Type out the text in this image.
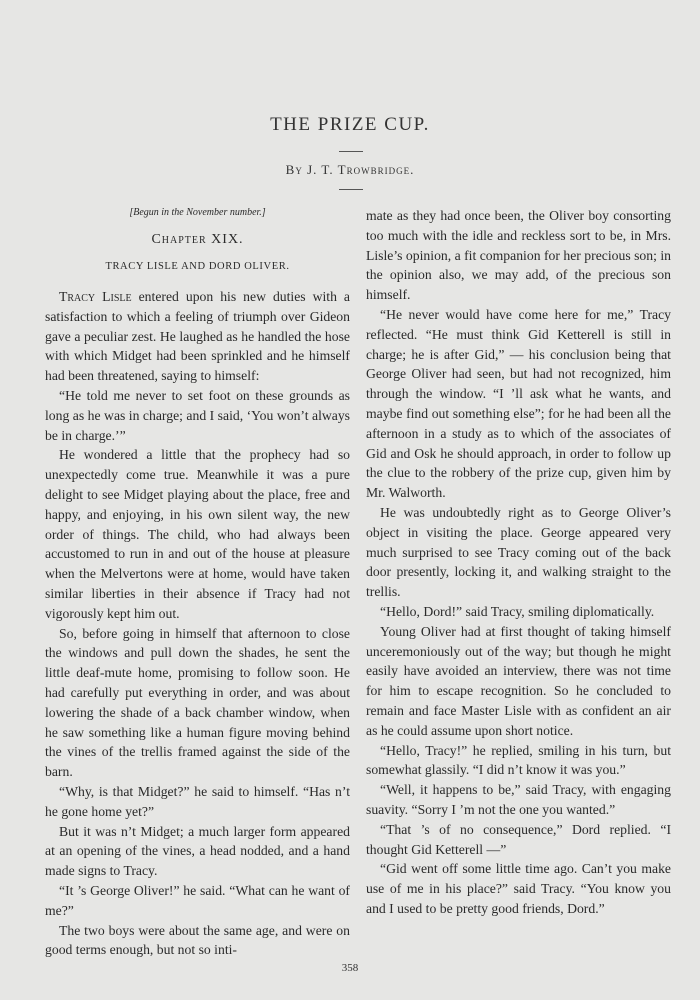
THE PRIZE CUP.
By J. T. Trowbridge.
[Begun in the November number.]
Chapter XIX.
TRACY LISLE AND DORD OLIVER.

Tracy Lisle entered upon his new duties with a satisfaction to which a feeling of triumph over Gideon gave a peculiar zest. He laughed as he handled the hose with which Midget had been sprinkled and he himself had been threatened, saying to himself:

“He told me never to set foot on these grounds as long as he was in charge; and I said, ‘You won’t always be in charge.’”

He wondered a little that the prophecy had so unexpectedly come true. Meanwhile it was a pure delight to see Midget playing about the place, free and happy, and enjoying, in his own silent way, the new order of things. The child, who had always been accustomed to run in and out of the house at pleasure when the Melvertons were at home, would have taken similar liberties in their absence if Tracy had not vigorously kept him out.

So, before going in himself that afternoon to close the windows and pull down the shades, he sent the little deaf-mute home, promising to follow soon. He had carefully put everything in order, and was about lowering the shade of a back chamber window, when he saw something like a human figure moving behind the vines of the trellis framed against the side of the barn.

“Why, is that Midget?” he said to himself. “Has n’t he gone home yet?”

But it was n’t Midget; a much larger form appeared at an opening of the vines, a head nodded, and a hand made signs to Tracy.

“It ’s George Oliver!” he said. “What can he want of me?”

The two boys were about the same age, and were on good terms enough, but not so inti-

mate as they had once been, the Oliver boy consorting too much with the idle and reckless sort to be, in Mrs. Lisle’s opinion, a fit companion for her precious son; in the opinion also, we may add, of the precious son himself.

“He never would have come here for me,” Tracy reflected. “He must think Gid Ketterell is still in charge; he is after Gid,” — his conclusion being that George Oliver had seen, but had not recognized, him through the window. “I ’ll ask what he wants, and maybe find out something else”; for he had been all the afternoon in a study as to which of the associates of Gid and Osk he should approach, in order to follow up the clue to the robbery of the prize cup, given him by Mr. Walworth.

He was undoubtedly right as to George Oliver’s object in visiting the place. George appeared very much surprised to see Tracy coming out of the back door presently, locking it, and walking straight to the trellis.

“Hello, Dord!” said Tracy, smiling diplomatically.

Young Oliver had at first thought of taking himself unceremoniously out of the way; but though he might easily have avoided an interview, there was not time for him to escape recognition. So he concluded to remain and face Master Lisle with as confident an air as he could assume upon short notice.

“Hello, Tracy!” he replied, smiling in his turn, but somewhat glassily. “I did n’t know it was you.”

“Well, it happens to be,” said Tracy, with engaging suavity. “Sorry I ’m not the one you wanted.”

“That ’s of no consequence,” Dord replied. “I thought Gid Ketterell —”

“Gid went off some little time ago. Can’t you make use of me in his place?” said Tracy. “You know you and I used to be pretty good friends, Dord.”

358
